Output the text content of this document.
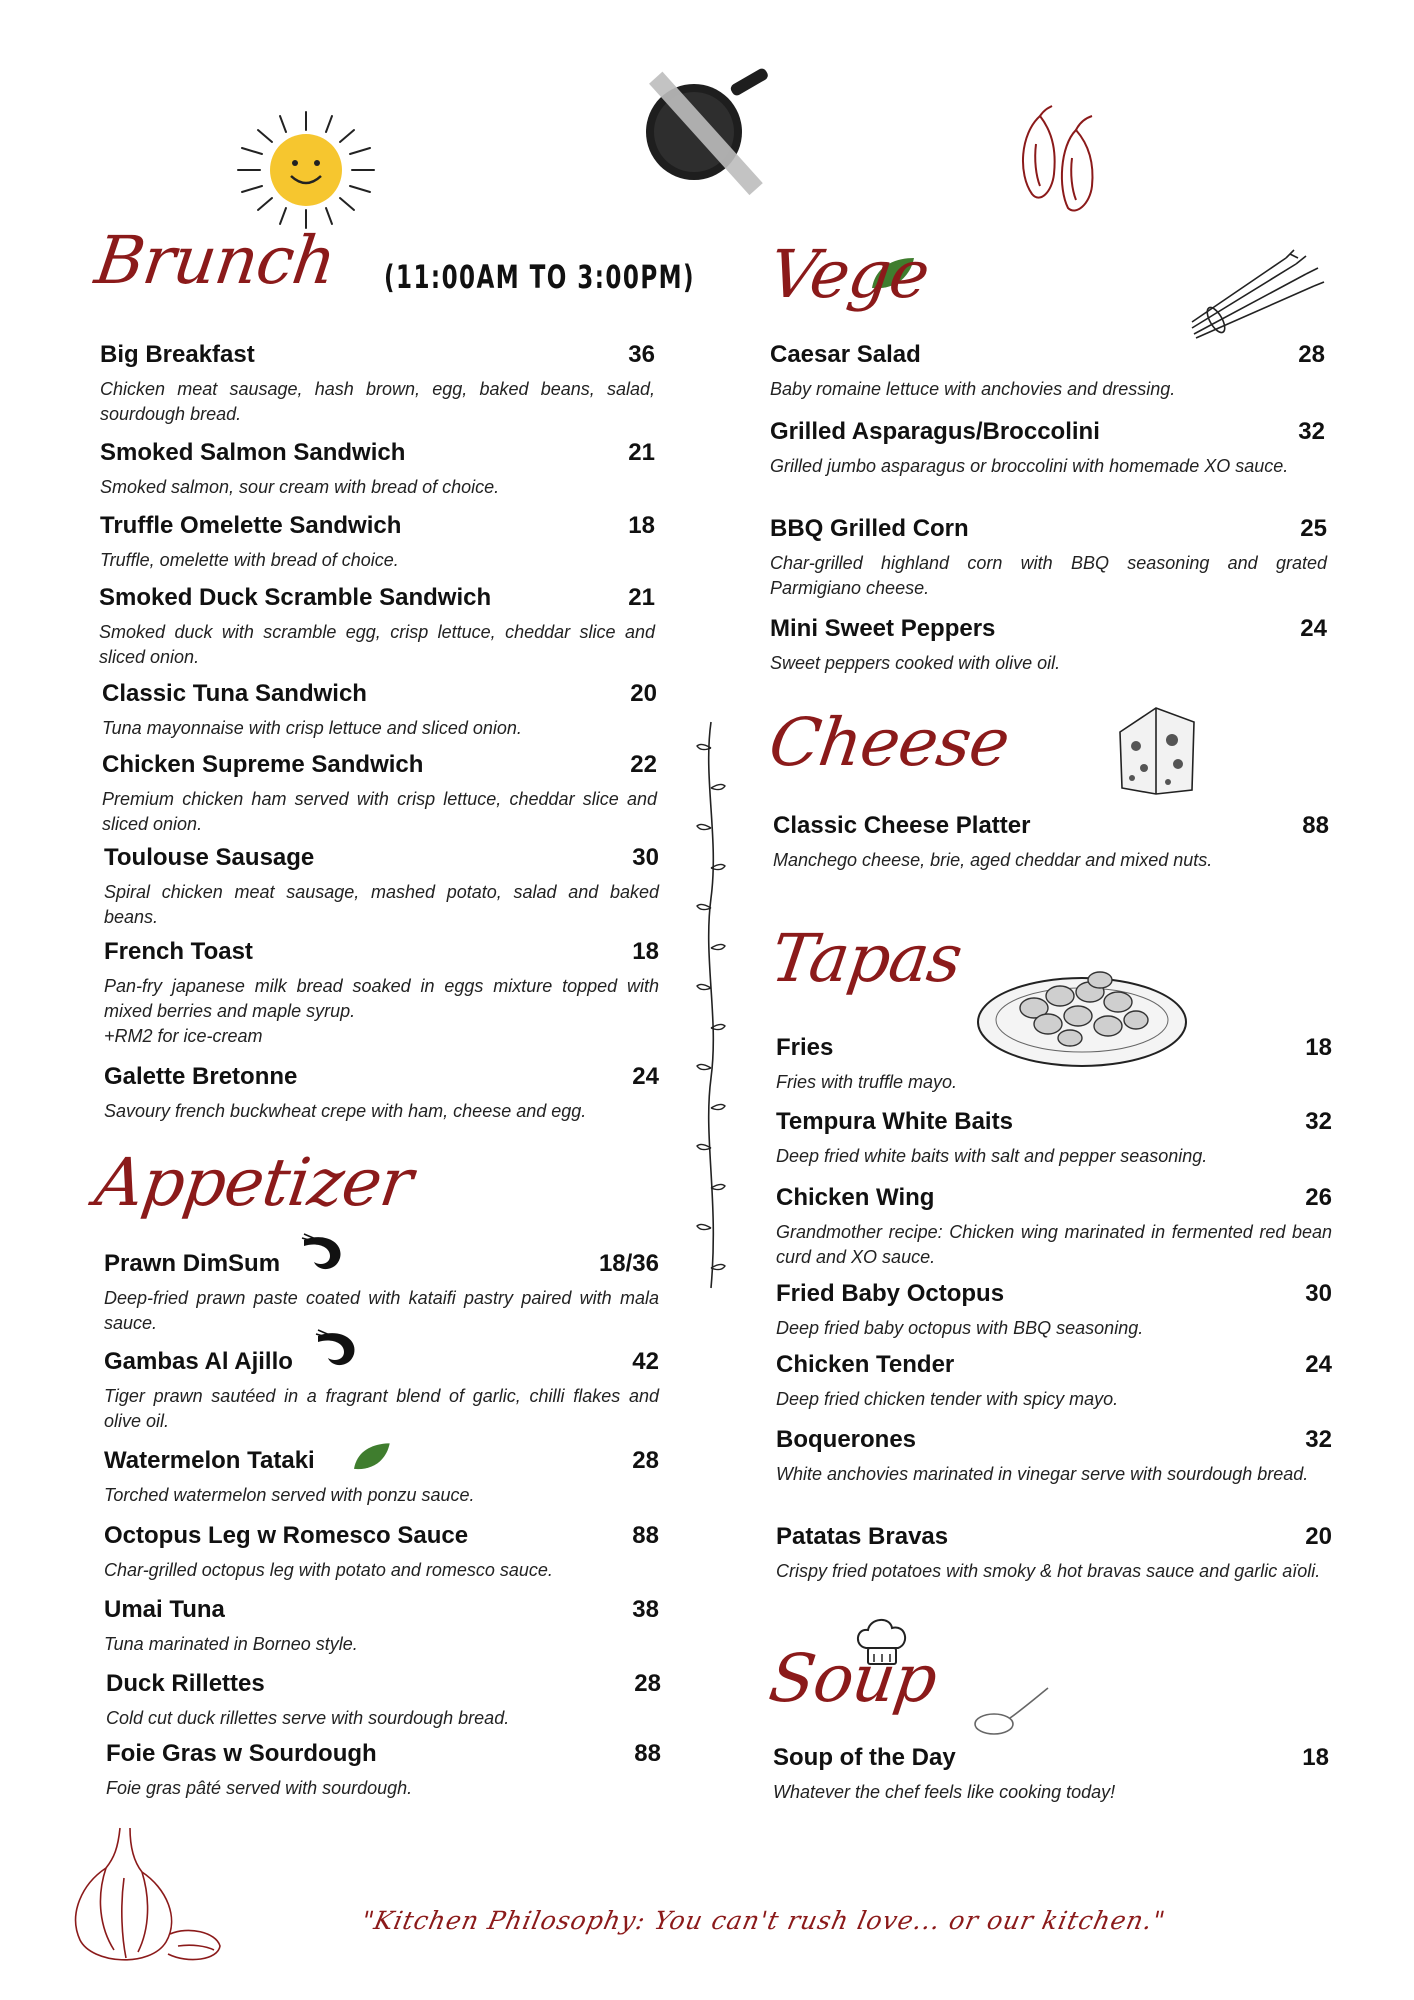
Brunch (11:00AM TO 3:00PM)
Appetizer
Vege
Cheese
Tapas
Soup
Big Breakfast	36
Chicken meat sausage, hash brown, egg, baked beans, salad, sourdough bread.
Smoked Salmon Sandwich	21
Smoked salmon, sour cream with bread of choice.
Truffle Omelette Sandwich	18
Truffle, omelette with bread of choice.
Smoked Duck Scramble Sandwich	21
Smoked duck with scramble egg, crisp lettuce, cheddar slice and sliced onion.
Classic Tuna Sandwich	20
Tuna mayonnaise with crisp lettuce and sliced onion.
Chicken Supreme Sandwich	22
Premium chicken ham served with crisp lettuce, cheddar slice and sliced onion.
Toulouse Sausage	30
Spiral chicken meat sausage, mashed potato, salad and baked beans.
French Toast	18
Pan-fry japanese milk bread soaked in eggs mixture topped with mixed berries and maple syrup.
+RM2 for ice-cream
Galette Bretonne	24
Savoury french buckwheat crepe with ham, cheese and egg.
Prawn DimSum	18/36
Deep-fried prawn paste coated with kataifi pastry paired with mala sauce.
Gambas Al Ajillo	42
Tiger prawn sautéed in a fragrant blend of garlic, chilli flakes and olive oil.
Watermelon Tataki	28
Torched watermelon served with ponzu sauce.
Octopus Leg w Romesco Sauce	88
Char-grilled octopus leg with potato and romesco sauce.
Umai Tuna	38
Tuna marinated in Borneo style.
Duck Rillettes	28
Cold cut duck rillettes serve with sourdough bread.
Foie Gras w Sourdough	88
Foie gras pâté served with sourdough.
Caesar Salad	28
Baby romaine lettuce with anchovies and dressing.
Grilled Asparagus/Broccolini	32
Grilled jumbo asparagus or broccolini with homemade XO sauce.
BBQ Grilled Corn	25
Char-grilled highland corn with BBQ seasoning and grated Parmigiano cheese.
Mini Sweet Peppers	24
Sweet peppers cooked with olive oil.
Classic Cheese Platter	88
Manchego cheese, brie, aged cheddar and mixed nuts.
Fries	18
Fries with truffle mayo.
Tempura White Baits	32
Deep fried white baits with salt and pepper seasoning.
Chicken Wing	26
Grandmother recipe: Chicken wing marinated in fermented red bean curd and XO sauce.
Fried Baby Octopus	30
Deep fried baby octopus with BBQ seasoning.
Chicken Tender	24
Deep fried chicken tender with spicy mayo.
Boquerones	32
White anchovies marinated in vinegar serve with sourdough bread.
Patatas Bravas	20
Crispy fried potatoes with smoky & hot bravas sauce and garlic aïoli.
Soup of the Day	18
Whatever the chef feels like cooking today!
"Kitchen Philosophy: You can't rush love... or our kitchen."
